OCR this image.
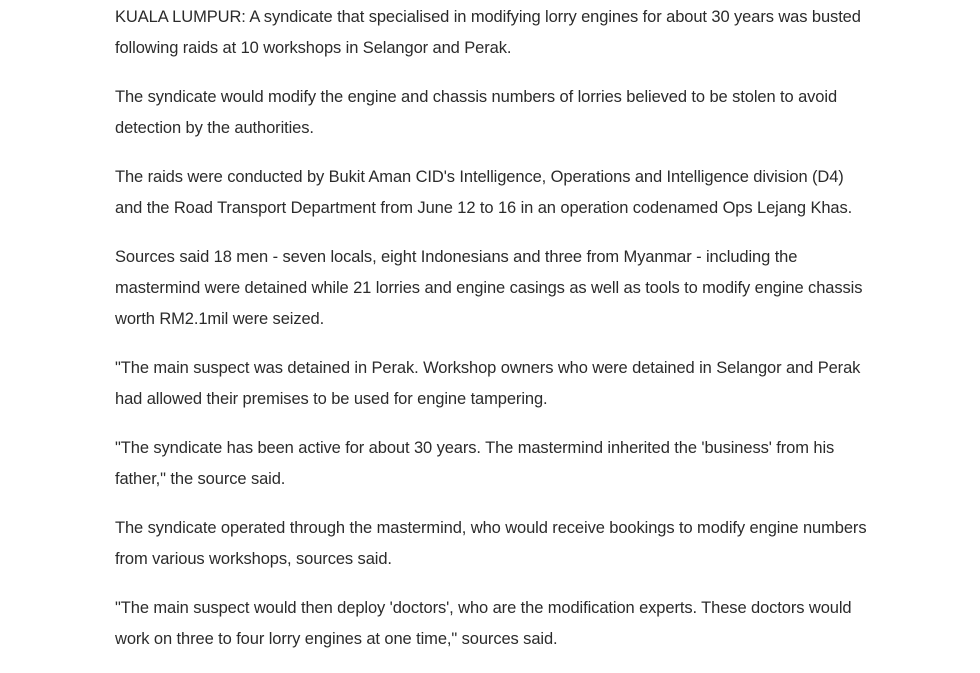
KUALA LUMPUR: A syndicate that specialised in modifying lorry engines for about 30 years was busted following raids at 10 workshops in Selangor and Perak.

The syndicate would modify the engine and chassis numbers of lorries believed to be stolen to avoid detection by the authorities.

The raids were conducted by Bukit Aman CID's Intelligence, Operations and Intelligence division (D4) and the Road Transport Department from June 12 to 16 in an operation codenamed Ops Lejang Khas.

Sources said 18 men - seven locals, eight Indonesians and three from Myanmar - including the mastermind were detained while 21 lorries and engine casings as well as tools to modify engine chassis worth RM2.1mil were seized.

"The main suspect was detained in Perak. Workshop owners who were detained in Selangor and Perak had allowed their premises to be used for engine tampering.

"The syndicate has been active for about 30 years. The mastermind inherited the 'business' from his father," the source said.

The syndicate operated through the mastermind, who would receive bookings to modify engine numbers from various workshops, sources said.

"The main suspect would then deploy 'doctors', who are the modification experts. These doctors would work on three to four lorry engines at one time," sources said.
